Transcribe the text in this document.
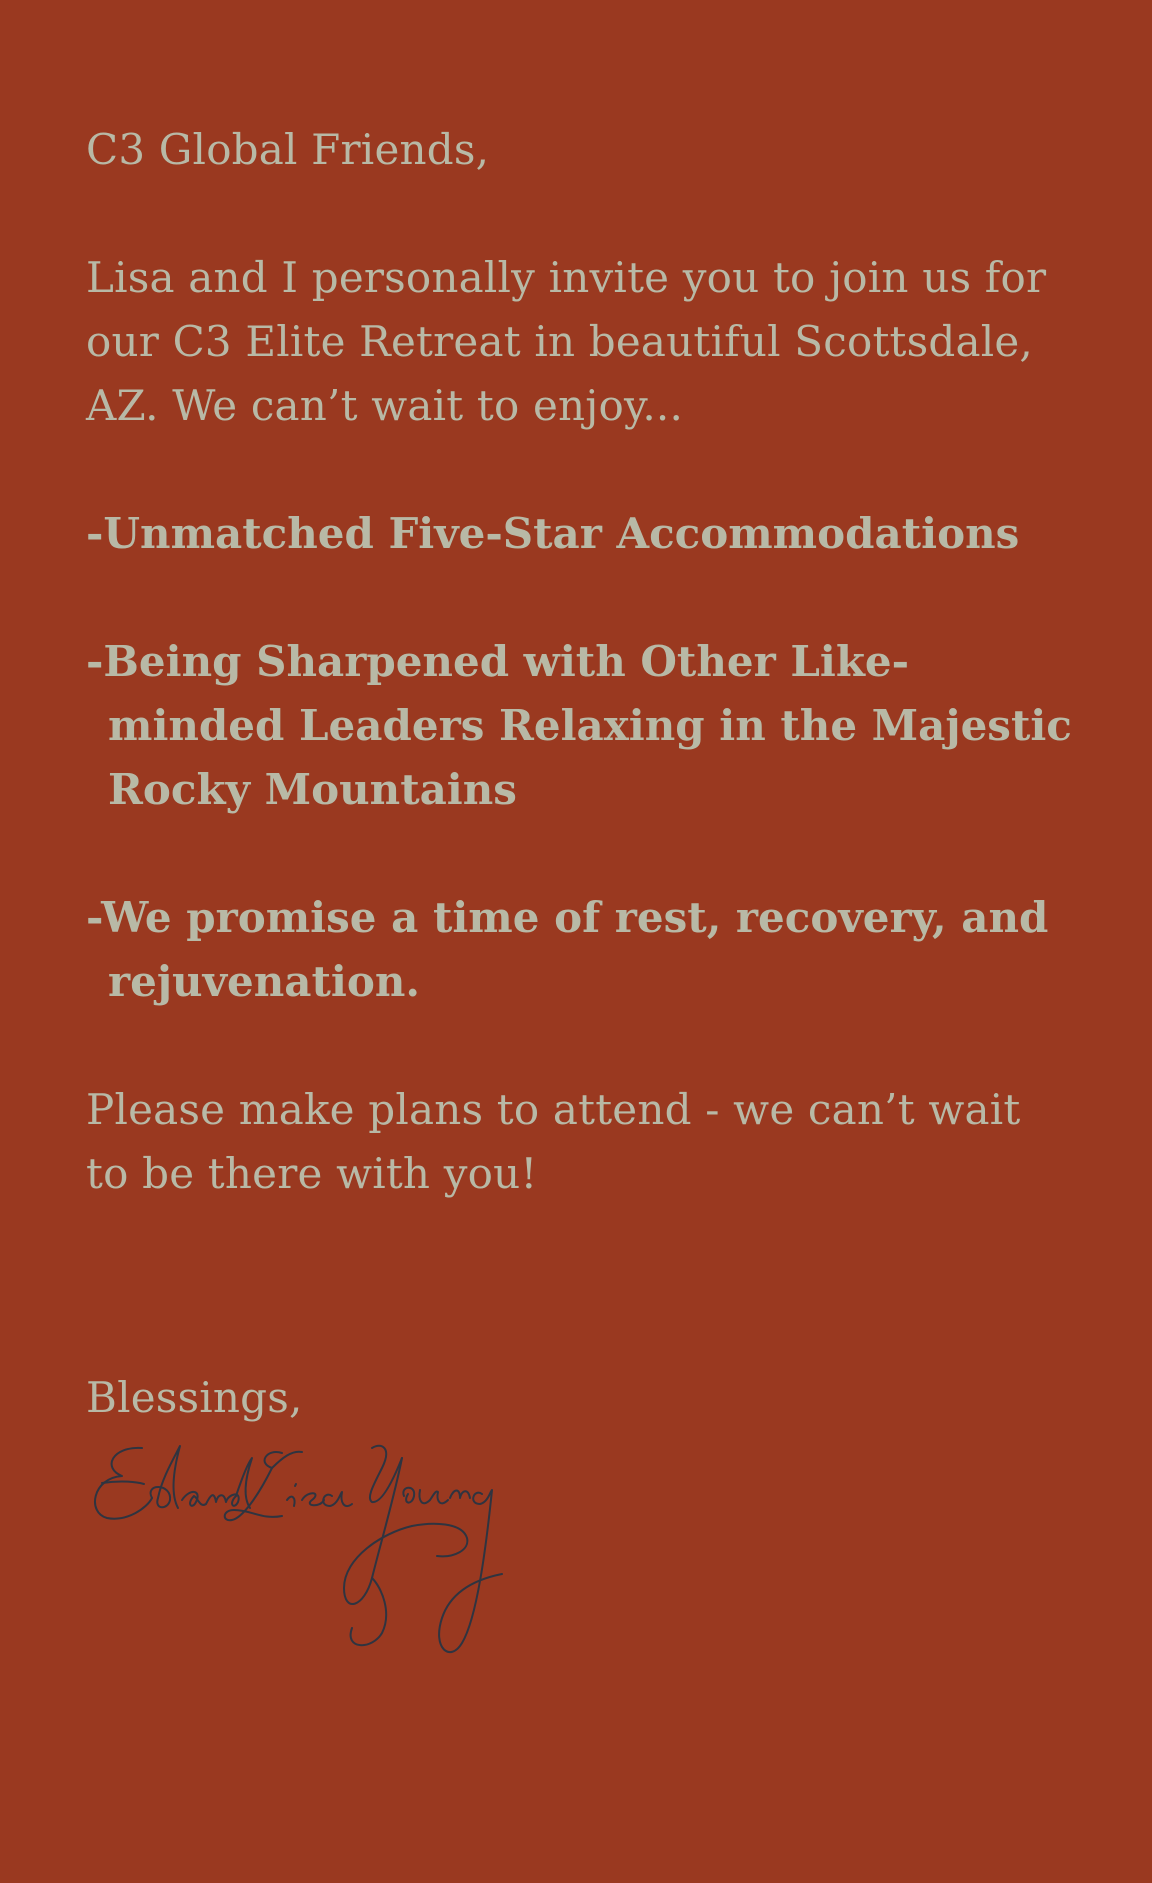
C3 Global Friends,

Lisa and I personally invite you to join us for our C3 Elite Retreat in beautiful Scottsdale, AZ. We can’t wait to enjoy...

-Unmatched Five-Star Accommodations
-Being Sharpened with Other Like-minded Leaders Relaxing in the Majestic Rocky Mountains
-We promise a time of rest, recovery, and rejuvenation.

Please make plans to attend - we can’t wait to be there with you!

Blessings,
